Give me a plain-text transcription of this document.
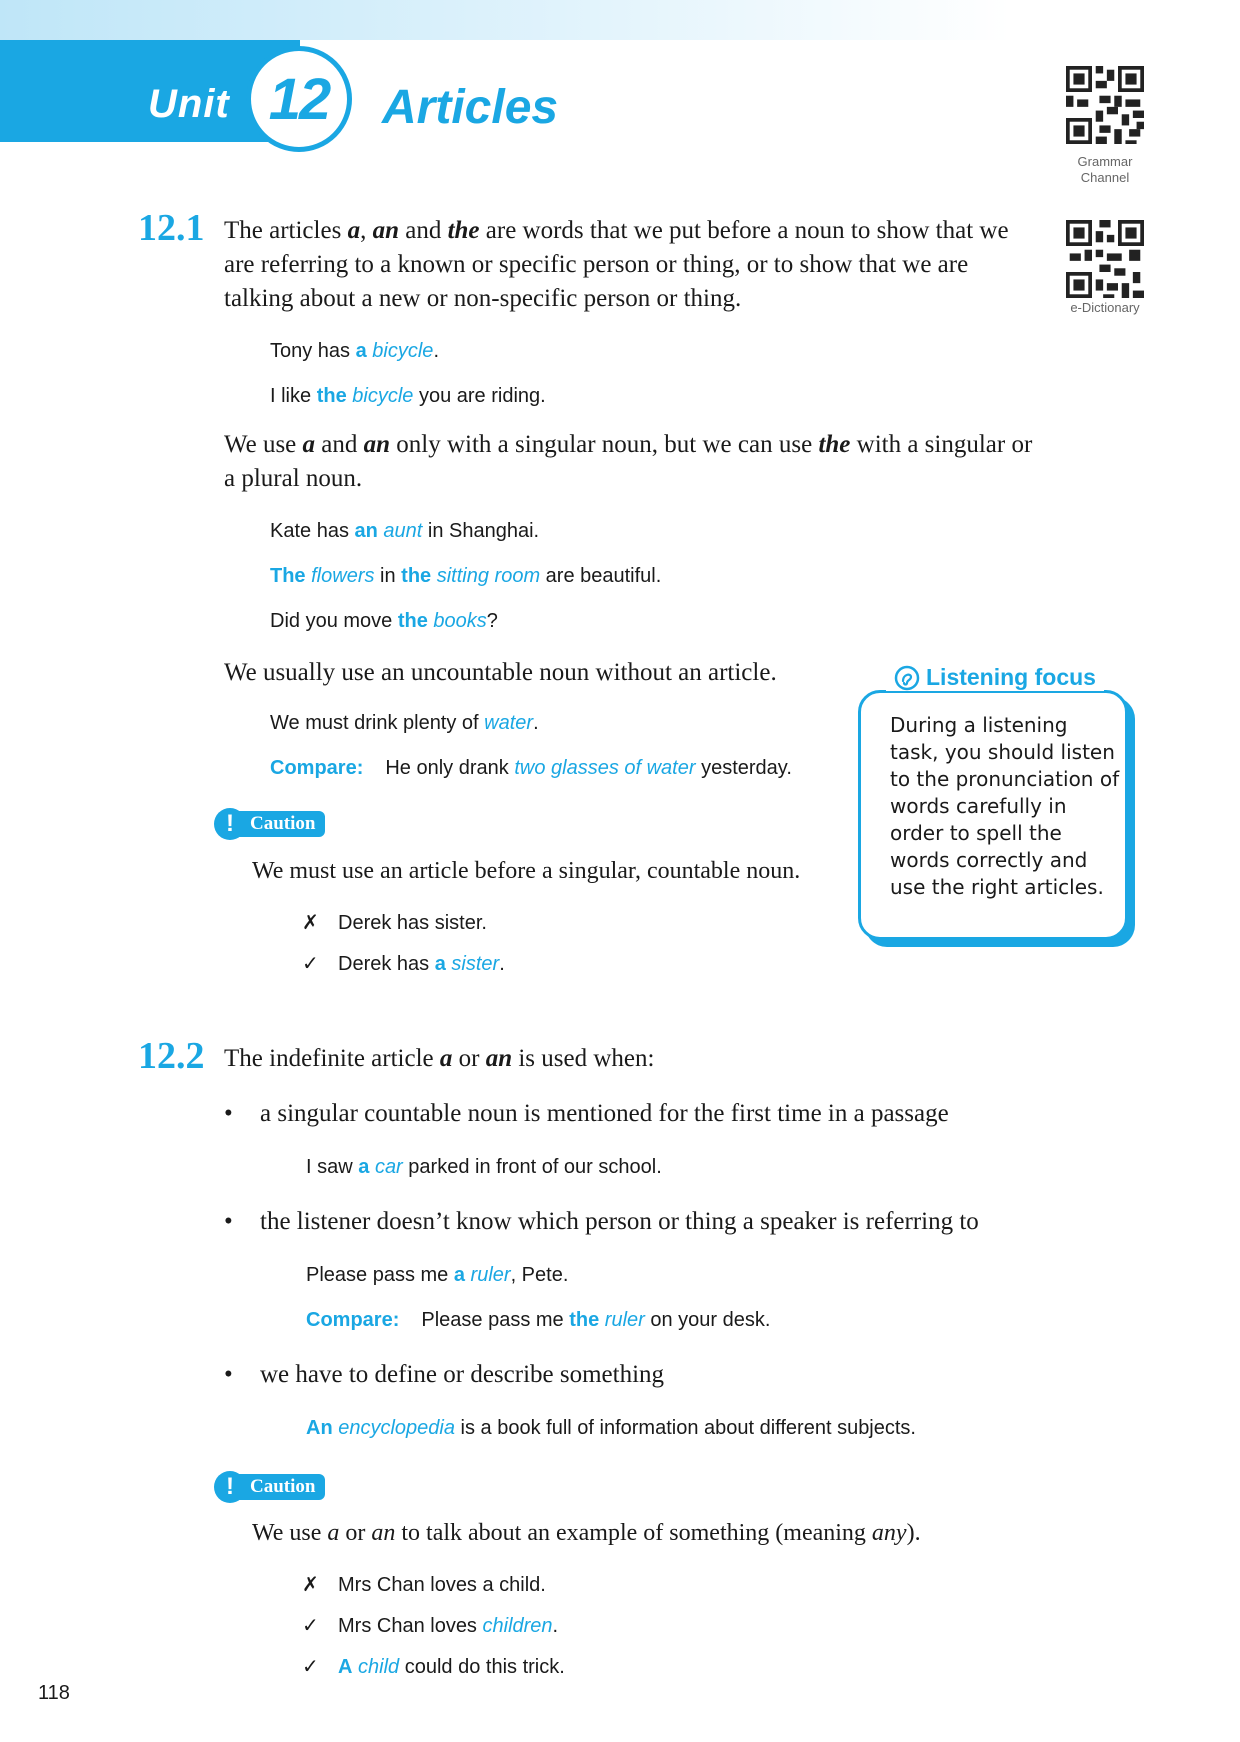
Unit 12 Articles
Grammar
Channel
e-Dictionary
12.1 The articles a, an and the are words that we put before a noun to show that we are referring to a known or specific person or thing, or to show that we are talking about a new or non-specific person or thing.
Tony has a bicycle.
I like the bicycle you are riding.
We use a and an only with a singular noun, but we can use the with a singular or a plural noun.
Kate has an aunt in Shanghai.
The flowers in the sitting room are beautiful.
Did you move the books?
We usually use an uncountable noun without an article.
We must drink plenty of water.
Compare: He only drank two glasses of water yesterday.
! Caution
We must use an article before a singular, countable noun.
✗ Derek has sister.
✓ Derek has a sister.
Listening focus
During a listening task, you should listen to the pronunciation of words carefully in order to spell the words correctly and use the right articles.
12.2 The indefinite article a or an is used when:
• a singular countable noun is mentioned for the first time in a passage
I saw a car parked in front of our school.
• the listener doesn’t know which person or thing a speaker is referring to
Please pass me a ruler, Pete.
Compare: Please pass me the ruler on your desk.
• we have to define or describe something
An encyclopedia is a book full of information about different subjects.
! Caution
We use a or an to talk about an example of something (meaning any).
✗ Mrs Chan loves a child.
✓ Mrs Chan loves children.
✓ A child could do this trick.
118
